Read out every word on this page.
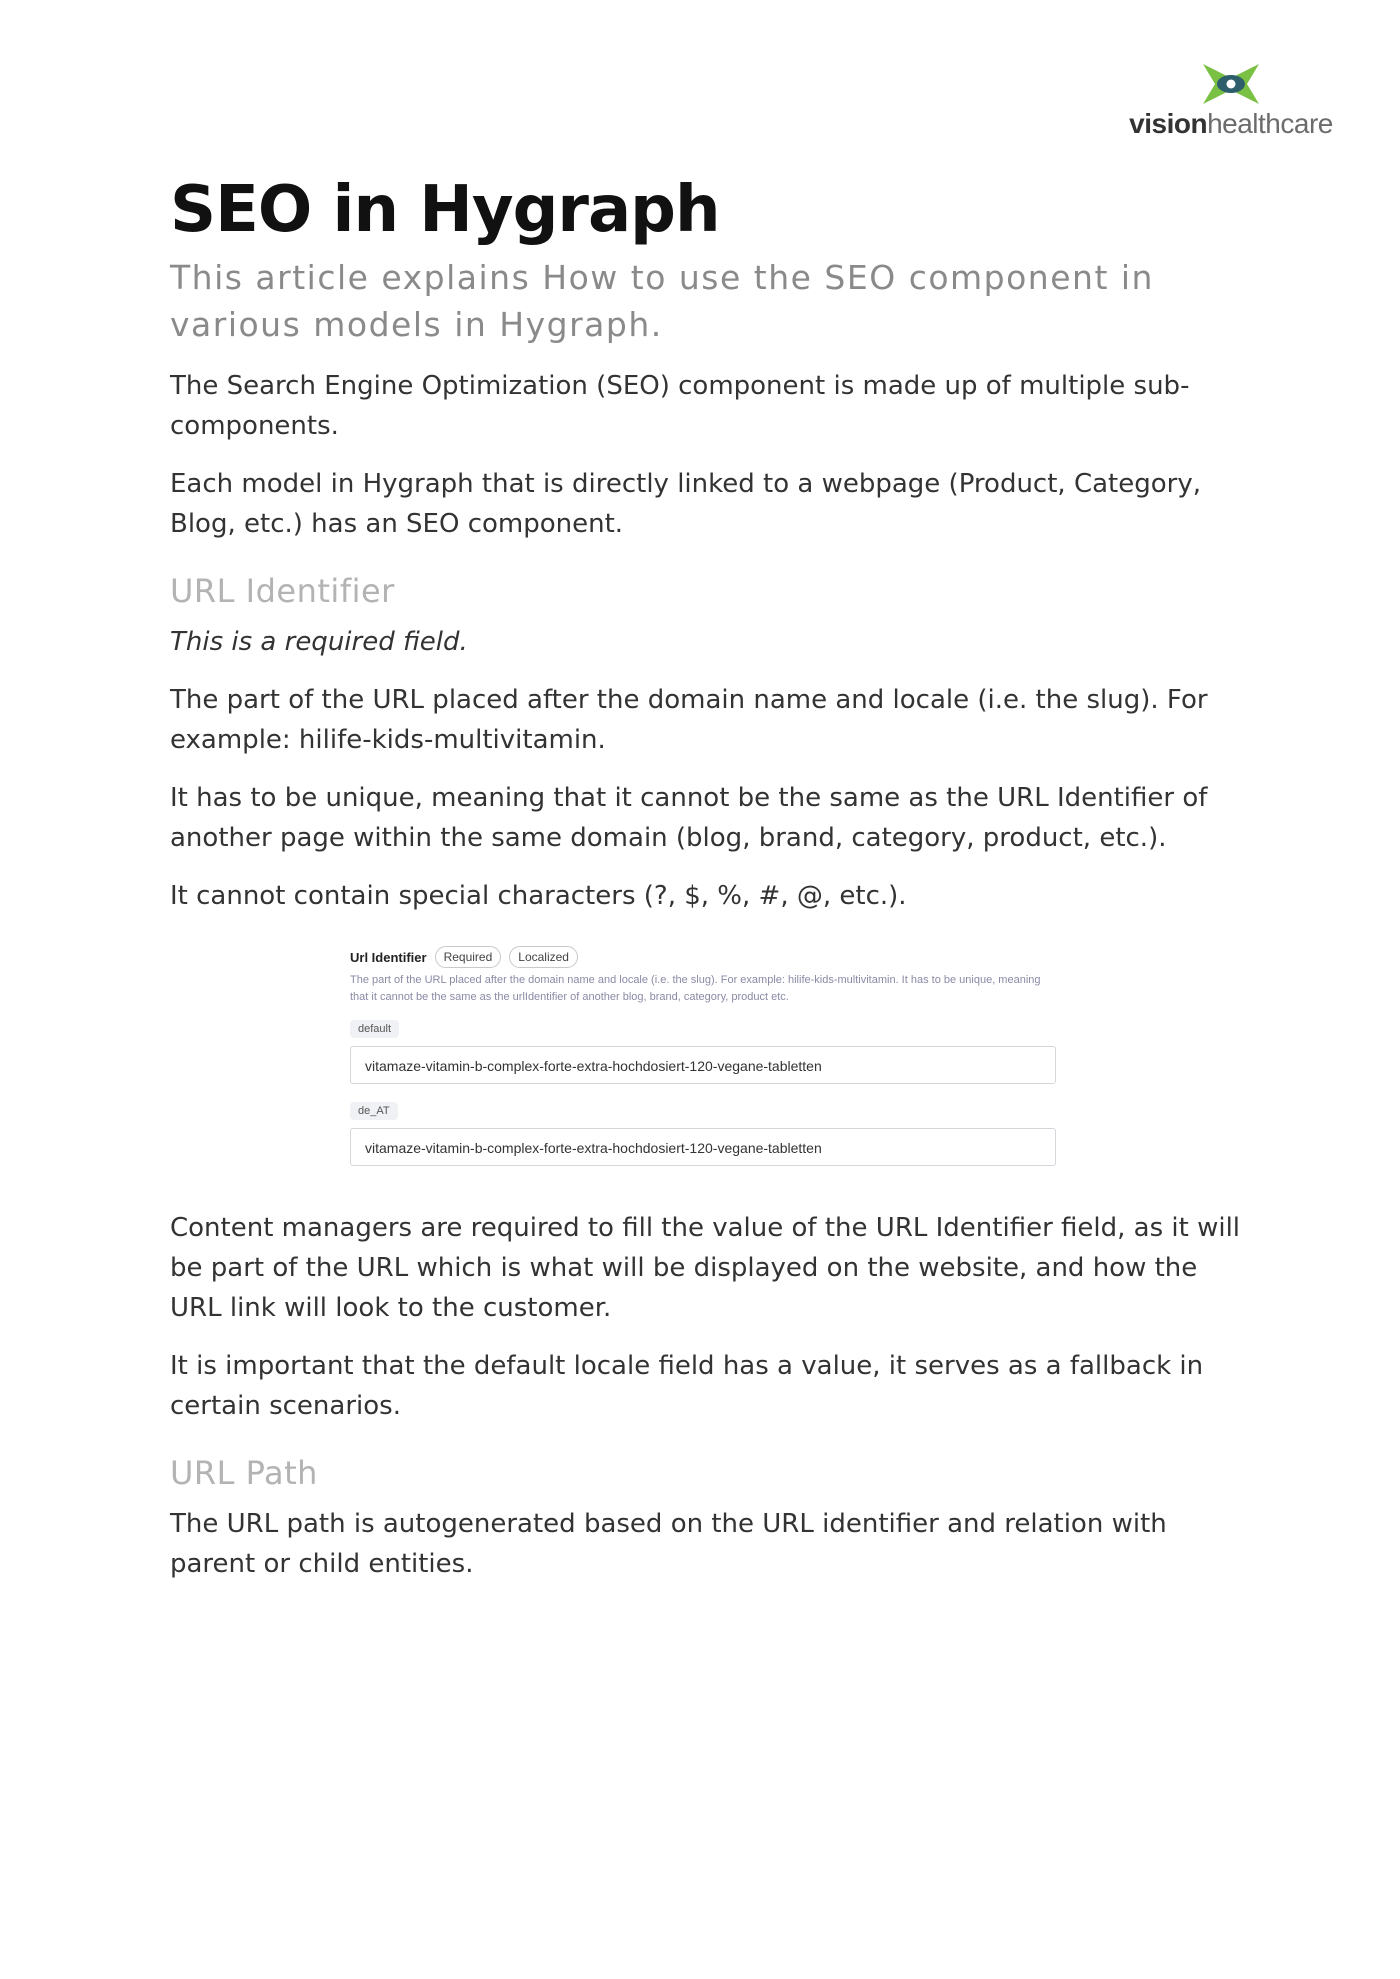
visionhealthcare
SEO in Hygraph
This article explains How to use the SEO component in various models in Hygraph.

The Search Engine Optimization (SEO) component is made up of multiple sub-components.

Each model in Hygraph that is directly linked to a webpage (Product, Category, Blog, etc.) has an SEO component.

URL Identifier

This is a required field.

The part of the URL placed after the domain name and locale (i.e. the slug). For example: hilife-kids-multivitamin.

It has to be unique, meaning that it cannot be the same as the URL Identifier of another page within the same domain (blog, brand, category, product, etc.).

It cannot contain special characters (?, $, %, #, @, etc.).

Url Identifier	Required	Localized
The part of the URL placed after the domain name and locale (i.e. the slug). For example: hilife-kids-multivitamin. It has to be unique, meaning that it cannot be the same as the urlIdentifier of another blog, brand, category, product etc.
default
vitamaze-vitamin-b-complex-forte-extra-hochdosiert-120-vegane-tabletten
de_AT
vitamaze-vitamin-b-complex-forte-extra-hochdosiert-120-vegane-tabletten

Content managers are required to fill the value of the URL Identifier field, as it will be part of the URL which is what will be displayed on the website, and how the URL link will look to the customer.

It is important that the default locale field has a value, it serves as a fallback in certain scenarios.

URL Path

The URL path is autogenerated based on the URL identifier and relation with parent or child entities.
